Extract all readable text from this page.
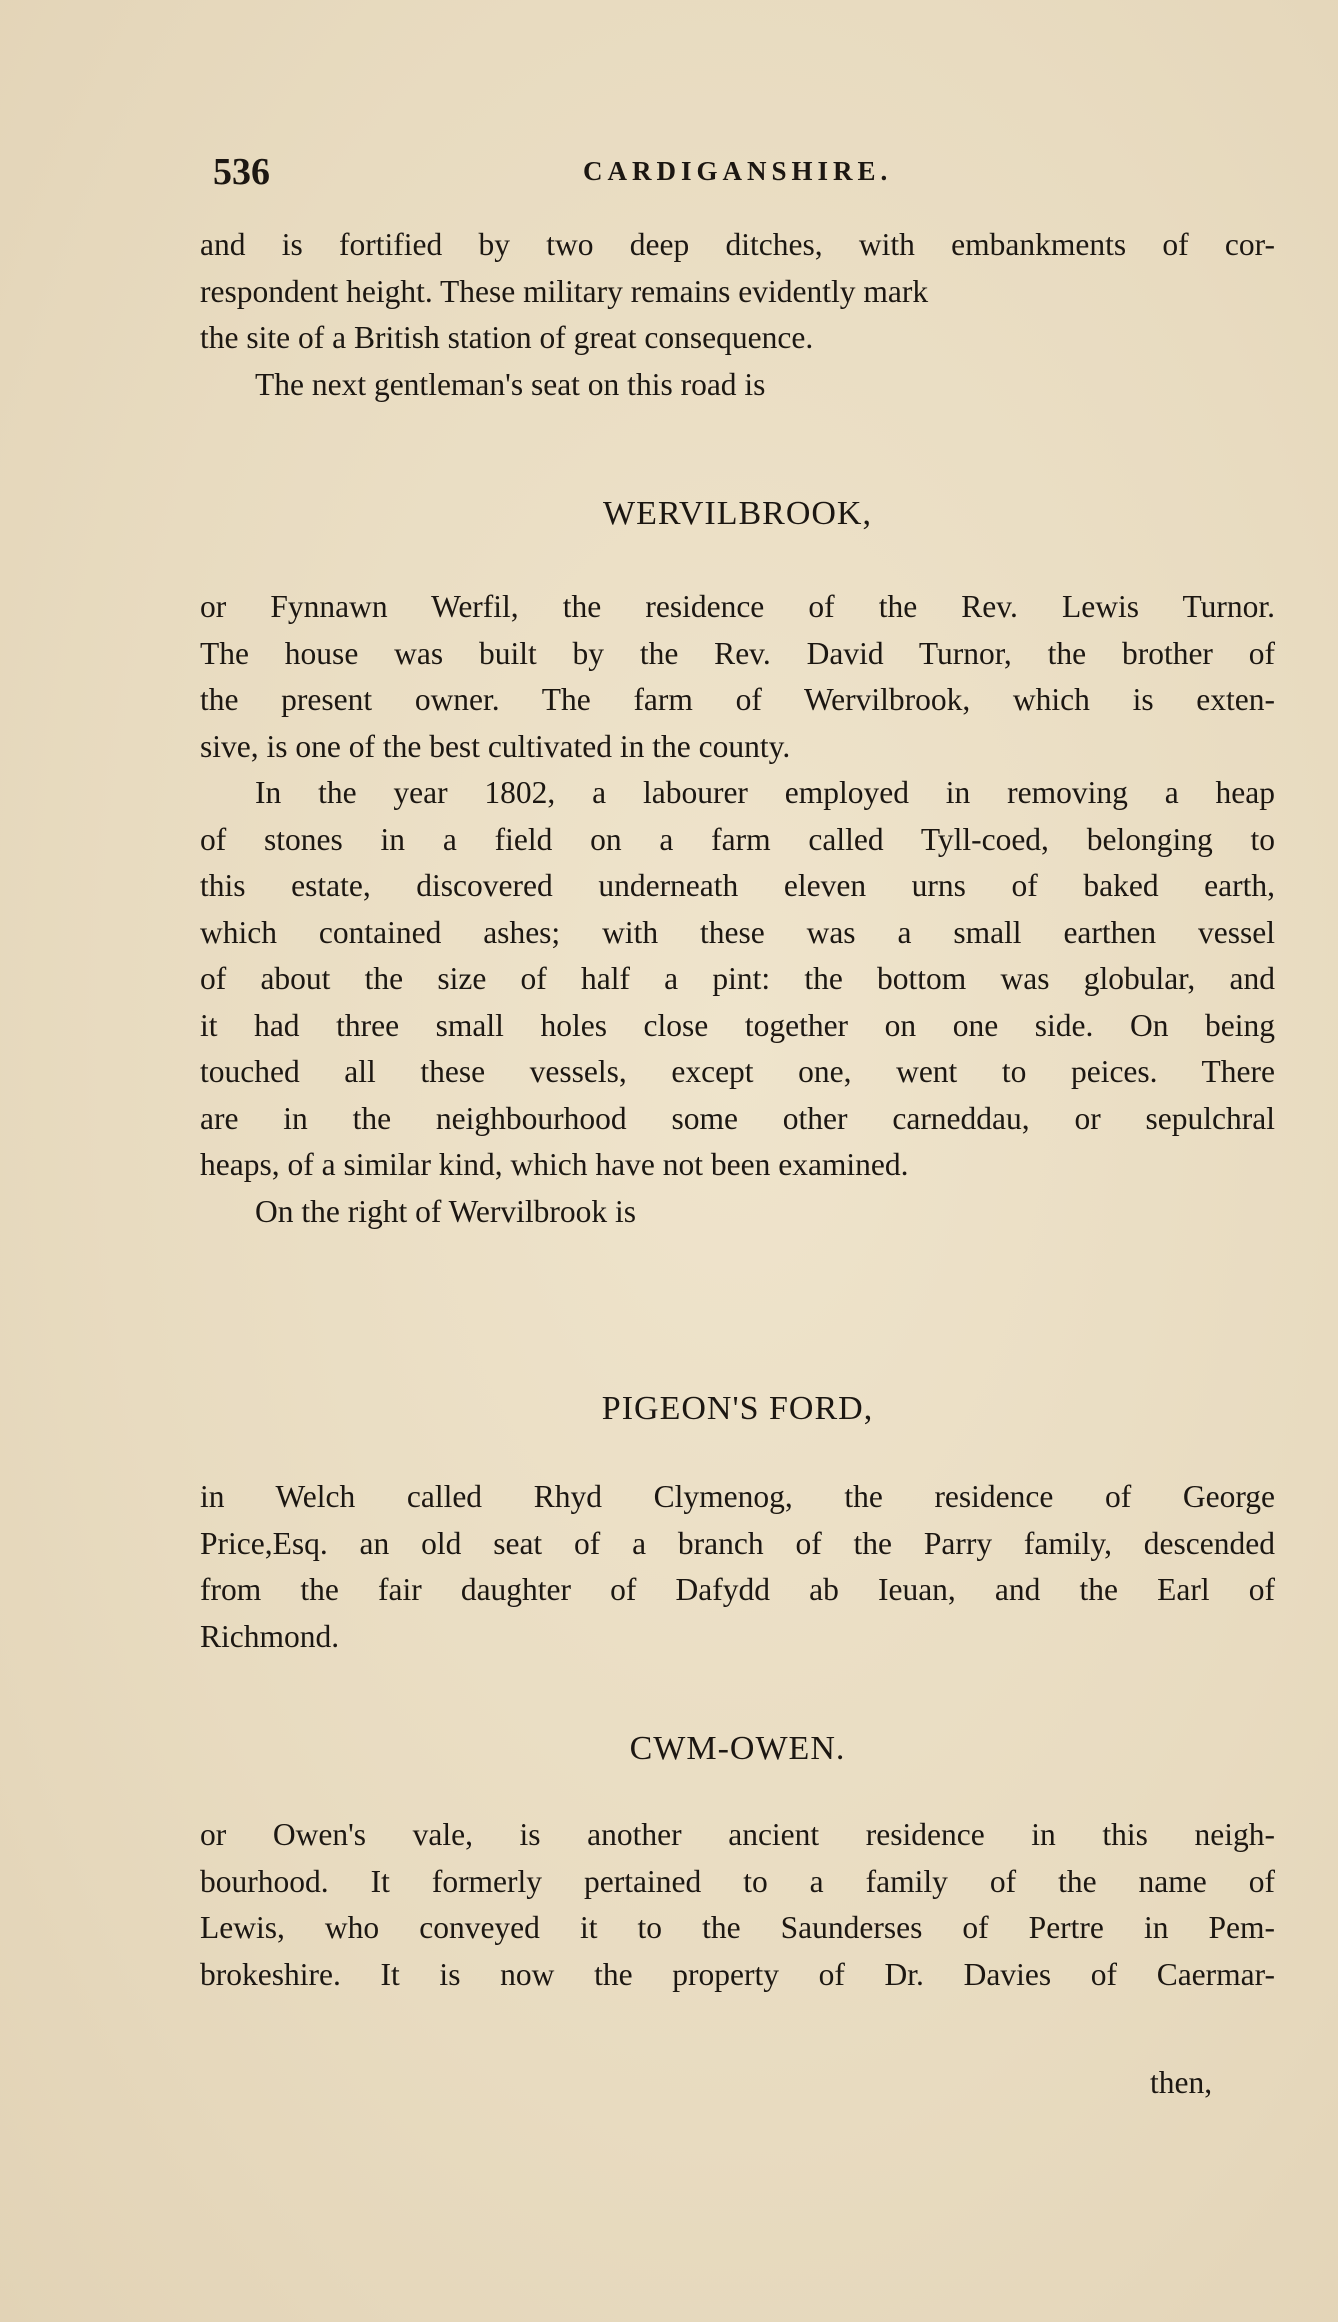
536	CARDIGANSHIRE.
and is fortified by two deep ditches, with embankments of cor-
respondent height. These military remains evidently mark
the site of a British station of great consequence.
The next gentleman's seat on this road is
WERVILBROOK,
or Fynnawn Werfil, the residence of the Rev. Lewis Turnor.
The house was built by the Rev. David Turnor, the brother of
the present owner. The farm of Wervilbrook, which is exten-
sive, is one of the best cultivated in the county.
In the year 1802, a labourer employed in removing a heap
of stones in a field on a farm called Tyll-coed, belonging to
this estate, discovered underneath eleven urns of baked earth,
which contained ashes; with these was a small earthen vessel
of about the size of half a pint: the bottom was globular, and
it had three small holes close together on one side. On being
touched all these vessels, except one, went to peices. There
are in the neighbourhood some other carneddau, or sepulchral
heaps, of a similar kind, which have not been examined.
On the right of Wervilbrook is
PIGEON'S FORD,
in Welch called Rhyd Clymenog, the residence of George
Price,Esq. an old seat of a branch of the Parry family, descended
from the fair daughter of Dafydd ab Ieuan, and the Earl of
Richmond.
CWM-OWEN.
or Owen's vale, is another ancient residence in this neigh-
bourhood. It formerly pertained to a family of the name of
Lewis, who conveyed it to the Saunderses of Pertre in Pem-
brokeshire. It is now the property of Dr. Davies of Caermar-
then,
